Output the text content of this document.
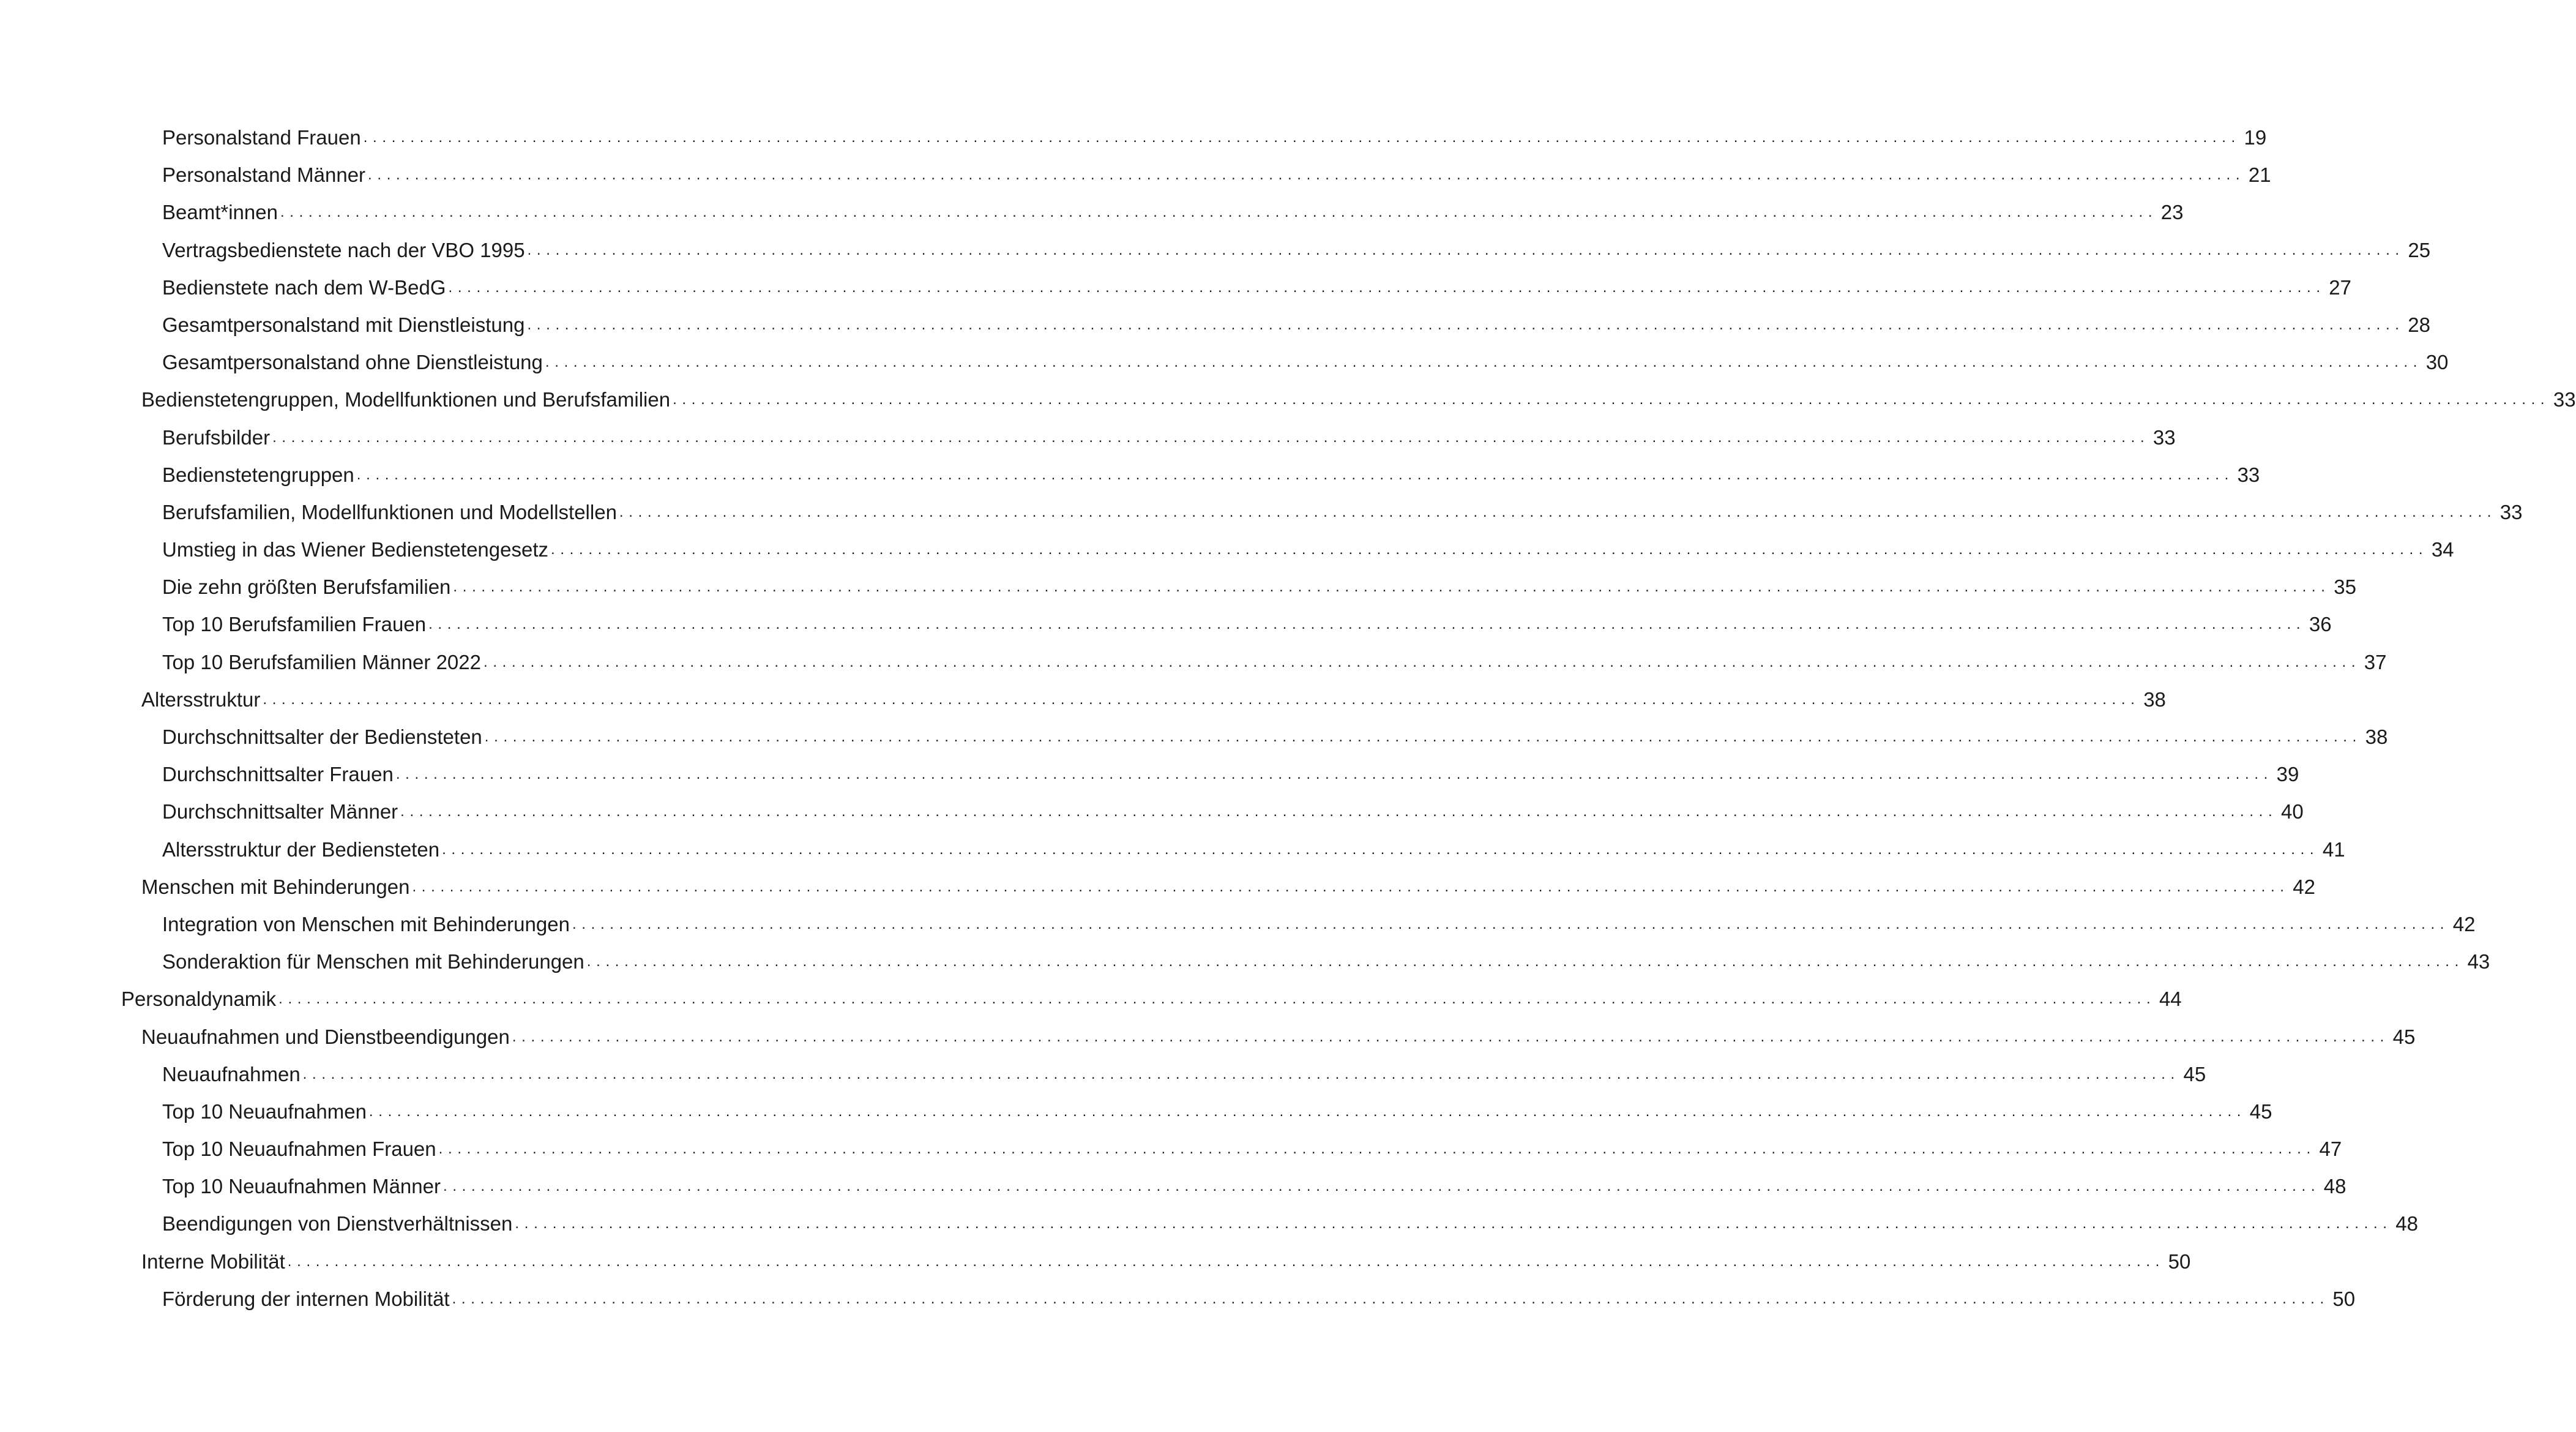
Personalstand Frauen . . . . . . . . . . . . . . . . . . . . . . . . . . . . . . . . . . . . . . . . . . . . . . . . . . . . . . . . . . . . . . . . . . . . . . . . . . . . . . . . . . . . . . . . . . . . . . . . . . . . . . . . . . . . . . . . . . . . . . . . . . . . . . . . . . . . . . . . . . . . . . . . . . . . . . . . . . . . . . . . . . . . . . . . . . . . . . . . . . . . . . . . . . . . . . . . . . . . . . . . 19
Personalstand Männer . . . . . . . . . . . . . . . . . . . . . . . . . . . . . . . . . . . . . . . . . . . . . . . . . . . . . . . . . . . . . . . . . . . . . . . . . . . . . . . . . . . . . . . . . . . . . . . . . . . . . . . . . . . . . . . . . . . . . . . . . . . . . . . . . . . . . . . . . . . . . . . . . . . . . . . . . . . . . . . . . . . . . . . . . . . . . . . . . . . . . . . . . . . . . . . . . . . . . . . . 21
Beamt*innen . . . . . . . . . . . . . . . . . . . . . . . . . . . . . . . . . . . . . . . . . . . . . . . . . . . . . . . . . . . . . . . . . . . . . . . . . . . . . . . . . . . . . . . . . . . . . . . . . . . . . . . . . . . . . . . . . . . . . . . . . . . . . . . . . . . . . . . . . . . . . . . . . . . . . . . . . . . . . . . . . . . . . . . . . . . . . . . . . . . . . . . . . . . . . . . . . . . . . . . . 23
Vertragsbedienstete nach der VBO 1995 . . . . . . . . . . . . . . . . . . . . . . . . . . . . . . . . . . . . . . . . . . . . . . . . . . . . . . . . . . . . . . . . . . . . . . . . . . . . . . . . . . . . . . . . . . . . . . . . . . . . . . . . . . . . . . . . . . . . . . . . . . . . . . . . . . . . . . . . . . . . . . . . . . . . . . . . . . . . . . . . . . . . . . . . . . . . . . . . . . . . . . . . . . . . . . . . . . . . . . . . 25
Bedienstete nach dem W-BedG . . . . . . . . . . . . . . . . . . . . . . . . . . . . . . . . . . . . . . . . . . . . . . . . . . . . . . . . . . . . . . . . . . . . . . . . . . . . . . . . . . . . . . . . . . . . . . . . . . . . . . . . . . . . . . . . . . . . . . . . . . . . . . . . . . . . . . . . . . . . . . . . . . . . . . . . . . . . . . . . . . . . . . . . . . . . . . . . . . . . . . . . . . . . . . . . . . . . . . . . 27
Gesamtpersonalstand mit Dienstleistung . . . . . . . . . . . . . . . . . . . . . . . . . . . . . . . . . . . . . . . . . . . . . . . . . . . . . . . . . . . . . . . . . . . . . . . . . . . . . . . . . . . . . . . . . . . . . . . . . . . . . . . . . . . . . . . . . . . . . . . . . . . . . . . . . . . . . . . . . . . . . . . . . . . . . . . . . . . . . . . . . . . . . . . . . . . . . . . . . . . . . . . . . . . . . . . . . . . . . . . . 28
Gesamtpersonalstand ohne Dienstleistung . . . . . . . . . . . . . . . . . . . . . . . . . . . . . . . . . . . . . . . . . . . . . . . . . . . . . . . . . . . . . . . . . . . . . . . . . . . . . . . . . . . . . . . . . . . . . . . . . . . . . . . . . . . . . . . . . . . . . . . . . . . . . . . . . . . . . . . . . . . . . . . . . . . . . . . . . . . . . . . . . . . . . . . . . . . . . . . . . . . . . . . . . . . . . . . . . . . . . . . . 30
Bedienstetengruppen, Modellfunktionen und Berufsfamilien . . . . . . . . . . . . . . . . . . . . . . . . . . . . . . . . . . . . . . . . . . . . . . . . . . . . . . . . . . . . . . . . . . . . . . . . . . . . . . . . . . . . . . . . . . . . . . . . . . . . . . . . . . . . . . . . . . . . . . . . . . . . . . . . . . . . . . . . . . . . . . . . . . . . . . . . . . . . . . . . . . . . . . . . . . . . . . . . . . . . . . . . . . . . . . . . . . . . . . . . 33
Berufsbilder . . . . . . . . . . . . . . . . . . . . . . . . . . . . . . . . . . . . . . . . . . . . . . . . . . . . . . . . . . . . . . . . . . . . . . . . . . . . . . . . . . . . . . . . . . . . . . . . . . . . . . . . . . . . . . . . . . . . . . . . . . . . . . . . . . . . . . . . . . . . . . . . . . . . . . . . . . . . . . . . . . . . . . . . . . . . . . . . . . . . . . . . . . . . . . . . . . . . . . . . 33
Bedienstetengruppen . . . . . . . . . . . . . . . . . . . . . . . . . . . . . . . . . . . . . . . . . . . . . . . . . . . . . . . . . . . . . . . . . . . . . . . . . . . . . . . . . . . . . . . . . . . . . . . . . . . . . . . . . . . . . . . . . . . . . . . . . . . . . . . . . . . . . . . . . . . . . . . . . . . . . . . . . . . . . . . . . . . . . . . . . . . . . . . . . . . . . . . . . . . . . . . . . . . . . . . . 33
Berufsfamilien, Modellfunktionen und Modellstellen . . . . . . . . . . . . . . . . . . . . . . . . . . . . . . . . . . . . . . . . . . . . . . . . . . . . . . . . . . . . . . . . . . . . . . . . . . . . . . . . . . . . . . . . . . . . . . . . . . . . . . . . . . . . . . . . . . . . . . . . . . . . . . . . . . . . . . . . . . . . . . . . . . . . . . . . . . . . . . . . . . . . . . . . . . . . . . . . . . . . . . . . . . . . . . . . . . . . . . . . 33
Umstieg in das Wiener Bedienstetengesetz . . . . . . . . . . . . . . . . . . . . . . . . . . . . . . . . . . . . . . . . . . . . . . . . . . . . . . . . . . . . . . . . . . . . . . . . . . . . . . . . . . . . . . . . . . . . . . . . . . . . . . . . . . . . . . . . . . . . . . . . . . . . . . . . . . . . . . . . . . . . . . . . . . . . . . . . . . . . . . . . . . . . . . . . . . . . . . . . . . . . . . . . . . . . . . . . . . . . . . . . 34
Die zehn größten Berufsfamilien . . . . . . . . . . . . . . . . . . . . . . . . . . . . . . . . . . . . . . . . . . . . . . . . . . . . . . . . . . . . . . . . . . . . . . . . . . . . . . . . . . . . . . . . . . . . . . . . . . . . . . . . . . . . . . . . . . . . . . . . . . . . . . . . . . . . . . . . . . . . . . . . . . . . . . . . . . . . . . . . . . . . . . . . . . . . . . . . . . . . . . . . . . . . . . . . . . . . . . . . 35
Top 10 Berufsfamilien Frauen . . . . . . . . . . . . . . . . . . . . . . . . . . . . . . . . . . . . . . . . . . . . . . . . . . . . . . . . . . . . . . . . . . . . . . . . . . . . . . . . . . . . . . . . . . . . . . . . . . . . . . . . . . . . . . . . . . . . . . . . . . . . . . . . . . . . . . . . . . . . . . . . . . . . . . . . . . . . . . . . . . . . . . . . . . . . . . . . . . . . . . . . . . . . . . . . . . . . . . . . 36
Top 10 Berufsfamilien Männer 2022 . . . . . . . . . . . . . . . . . . . . . . . . . . . . . . . . . . . . . . . . . . . . . . . . . . . . . . . . . . . . . . . . . . . . . . . . . . . . . . . . . . . . . . . . . . . . . . . . . . . . . . . . . . . . . . . . . . . . . . . . . . . . . . . . . . . . . . . . . . . . . . . . . . . . . . . . . . . . . . . . . . . . . . . . . . . . . . . . . . . . . . . . . . . . . . . . . . . . . . . . 37
Altersstruktur . . . . . . . . . . . . . . . . . . . . . . . . . . . . . . . . . . . . . . . . . . . . . . . . . . . . . . . . . . . . . . . . . . . . . . . . . . . . . . . . . . . . . . . . . . . . . . . . . . . . . . . . . . . . . . . . . . . . . . . . . . . . . . . . . . . . . . . . . . . . . . . . . . . . . . . . . . . . . . . . . . . . . . . . . . . . . . . . . . . . . . . . . . . . . . . . . . . . . . . . 38
Durchschnittsalter der Bediensteten . . . . . . . . . . . . . . . . . . . . . . . . . . . . . . . . . . . . . . . . . . . . . . . . . . . . . . . . . . . . . . . . . . . . . . . . . . . . . . . . . . . . . . . . . . . . . . . . . . . . . . . . . . . . . . . . . . . . . . . . . . . . . . . . . . . . . . . . . . . . . . . . . . . . . . . . . . . . . . . . . . . . . . . . . . . . . . . . . . . . . . . . . . . . . . . . . . . . . . . . 38
Durchschnittsalter Frauen . . . . . . . . . . . . . . . . . . . . . . . . . . . . . . . . . . . . . . . . . . . . . . . . . . . . . . . . . . . . . . . . . . . . . . . . . . . . . . . . . . . . . . . . . . . . . . . . . . . . . . . . . . . . . . . . . . . . . . . . . . . . . . . . . . . . . . . . . . . . . . . . . . . . . . . . . . . . . . . . . . . . . . . . . . . . . . . . . . . . . . . . . . . . . . . . . . . . . . . . 39
Durchschnittsalter Männer . . . . . . . . . . . . . . . . . . . . . . . . . . . . . . . . . . . . . . . . . . . . . . . . . . . . . . . . . . . . . . . . . . . . . . . . . . . . . . . . . . . . . . . . . . . . . . . . . . . . . . . . . . . . . . . . . . . . . . . . . . . . . . . . . . . . . . . . . . . . . . . . . . . . . . . . . . . . . . . . . . . . . . . . . . . . . . . . . . . . . . . . . . . . . . . . . . . . . . . . 40
Altersstruktur der Bediensteten . . . . . . . . . . . . . . . . . . . . . . . . . . . . . . . . . . . . . . . . . . . . . . . . . . . . . . . . . . . . . . . . . . . . . . . . . . . . . . . . . . . . . . . . . . . . . . . . . . . . . . . . . . . . . . . . . . . . . . . . . . . . . . . . . . . . . . . . . . . . . . . . . . . . . . . . . . . . . . . . . . . . . . . . . . . . . . . . . . . . . . . . . . . . . . . . . . . . . . . . 41
Menschen mit Behinderungen . . . . . . . . . . . . . . . . . . . . . . . . . . . . . . . . . . . . . . . . . . . . . . . . . . . . . . . . . . . . . . . . . . . . . . . . . . . . . . . . . . . . . . . . . . . . . . . . . . . . . . . . . . . . . . . . . . . . . . . . . . . . . . . . . . . . . . . . . . . . . . . . . . . . . . . . . . . . . . . . . . . . . . . . . . . . . . . . . . . . . . . . . . . . . . . . . . . . . . . . 42
Integration von Menschen mit Behinderungen . . . . . . . . . . . . . . . . . . . . . . . . . . . . . . . . . . . . . . . . . . . . . . . . . . . . . . . . . . . . . . . . . . . . . . . . . . . . . . . . . . . . . . . . . . . . . . . . . . . . . . . . . . . . . . . . . . . . . . . . . . . . . . . . . . . . . . . . . . . . . . . . . . . . . . . . . . . . . . . . . . . . . . . . . . . . . . . . . . . . . . . . . . . . . . . . . . . . . . . . 42
Sonderaktion für Menschen mit Behinderungen . . . . . . . . . . . . . . . . . . . . . . . . . . . . . . . . . . . . . . . . . . . . . . . . . . . . . . . . . . . . . . . . . . . . . . . . . . . . . . . . . . . . . . . . . . . . . . . . . . . . . . . . . . . . . . . . . . . . . . . . . . . . . . . . . . . . . . . . . . . . . . . . . . . . . . . . . . . . . . . . . . . . . . . . . . . . . . . . . . . . . . . . . . . . . . . . . . . . . . . . 43
Personaldynamik . . . . . . . . . . . . . . . . . . . . . . . . . . . . . . . . . . . . . . . . . . . . . . . . . . . . . . . . . . . . . . . . . . . . . . . . . . . . . . . . . . . . . . . . . . . . . . . . . . . . . . . . . . . . . . . . . . . . . . . . . . . . . . . . . . . . . . . . . . . . . . . . . . . . . . . . . . . . . . . . . . . . . . . . . . . . . . . . . . . . . . . . . . . . . . . . . . . . . . . . 44
Neuaufnahmen und Dienstbeendigungen . . . . . . . . . . . . . . . . . . . . . . . . . . . . . . . . . . . . . . . . . . . . . . . . . . . . . . . . . . . . . . . . . . . . . . . . . . . . . . . . . . . . . . . . . . . . . . . . . . . . . . . . . . . . . . . . . . . . . . . . . . . . . . . . . . . . . . . . . . . . . . . . . . . . . . . . . . . . . . . . . . . . . . . . . . . . . . . . . . . . . . . . . . . . . . . . . . . . . . . . 45
Neuaufnahmen . . . . . . . . . . . . . . . . . . . . . . . . . . . . . . . . . . . . . . . . . . . . . . . . . . . . . . . . . . . . . . . . . . . . . . . . . . . . . . . . . . . . . . . . . . . . . . . . . . . . . . . . . . . . . . . . . . . . . . . . . . . . . . . . . . . . . . . . . . . . . . . . . . . . . . . . . . . . . . . . . . . . . . . . . . . . . . . . . . . . . . . . . . . . . . . . . . . . . . . . 45
Top 10 Neuaufnahmen . . . . . . . . . . . . . . . . . . . . . . . . . . . . . . . . . . . . . . . . . . . . . . . . . . . . . . . . . . . . . . . . . . . . . . . . . . . . . . . . . . . . . . . . . . . . . . . . . . . . . . . . . . . . . . . . . . . . . . . . . . . . . . . . . . . . . . . . . . . . . . . . . . . . . . . . . . . . . . . . . . . . . . . . . . . . . . . . . . . . . . . . . . . . . . . . . . . . . . . . 45
Top 10 Neuaufnahmen Frauen . . . . . . . . . . . . . . . . . . . . . . . . . . . . . . . . . . . . . . . . . . . . . . . . . . . . . . . . . . . . . . . . . . . . . . . . . . . . . . . . . . . . . . . . . . . . . . . . . . . . . . . . . . . . . . . . . . . . . . . . . . . . . . . . . . . . . . . . . . . . . . . . . . . . . . . . . . . . . . . . . . . . . . . . . . . . . . . . . . . . . . . . . . . . . . . . . . . . . . . . 47
Top 10 Neuaufnahmen Männer . . . . . . . . . . . . . . . . . . . . . . . . . . . . . . . . . . . . . . . . . . . . . . . . . . . . . . . . . . . . . . . . . . . . . . . . . . . . . . . . . . . . . . . . . . . . . . . . . . . . . . . . . . . . . . . . . . . . . . . . . . . . . . . . . . . . . . . . . . . . . . . . . . . . . . . . . . . . . . . . . . . . . . . . . . . . . . . . . . . . . . . . . . . . . . . . . . . . . . . . 48
Beendigungen von Dienstverhältnissen . . . . . . . . . . . . . . . . . . . . . . . . . . . . . . . . . . . . . . . . . . . . . . . . . . . . . . . . . . . . . . . . . . . . . . . . . . . . . . . . . . . . . . . . . . . . . . . . . . . . . . . . . . . . . . . . . . . . . . . . . . . . . . . . . . . . . . . . . . . . . . . . . . . . . . . . . . . . . . . . . . . . . . . . . . . . . . . . . . . . . . . . . . . . . . . . . . . . . . . . 48
Interne Mobilität . . . . . . . . . . . . . . . . . . . . . . . . . . . . . . . . . . . . . . . . . . . . . . . . . . . . . . . . . . . . . . . . . . . . . . . . . . . . . . . . . . . . . . . . . . . . . . . . . . . . . . . . . . . . . . . . . . . . . . . . . . . . . . . . . . . . . . . . . . . . . . . . . . . . . . . . . . . . . . . . . . . . . . . . . . . . . . . . . . . . . . . . . . . . . . . . . . . . . . . . 50
Förderung der internen Mobilität . . . . . . . . . . . . . . . . . . . . . . . . . . . . . . . . . . . . . . . . . . . . . . . . . . . . . . . . . . . . . . . . . . . . . . . . . . . . . . . . . . . . . . . . . . . . . . . . . . . . . . . . . . . . . . . . . . . . . . . . . . . . . . . . . . . . . . . . . . . . . . . . . . . . . . . . . . . . . . . . . . . . . . . . . . . . . . . . . . . . . . . . . . . . . . . . . . . . . . . . 50
